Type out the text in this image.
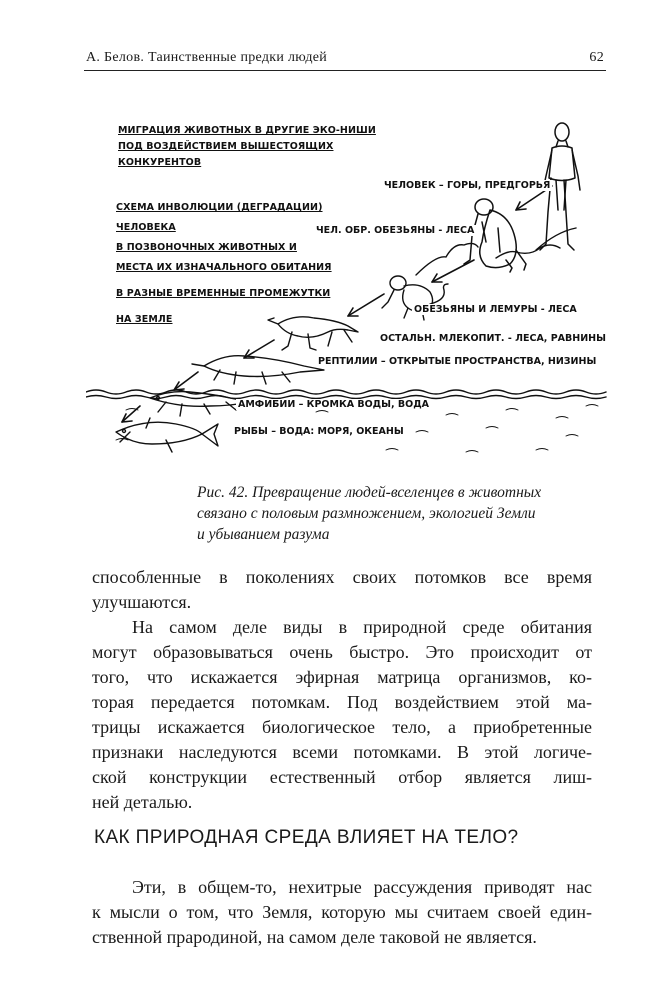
А. Белов. Таинственные предки людей	62
МИГРАЦИЯ ЖИВОТНЫХ В ДРУГИЕ ЭКО-НИШИ
ПОД ВОЗДЕЙСТВИЕМ ВЫШЕСТОЯЩИХ
КОНКУРЕНТОВ
СХЕМА ИНВОЛЮЦИИ (ДЕГРАДАЦИИ)
ЧЕЛОВЕКА
В ПОЗВОНОЧНЫХ ЖИВОТНЫХ И
МЕСТА ИХ ИЗНАЧАЛЬНОГО ОБИТАНИЯ
В РАЗНЫЕ ВРЕМЕННЫЕ ПРОМЕЖУТКИ
НА ЗЕМЛЕ
ЧЕЛОВЕК – ГОРЫ, ПРЕДГОРЬЯ
ЧЕЛ. ОБР. ОБЕЗЬЯНЫ - ЛЕСА
ОБЕЗЬЯНЫ И ЛЕМУРЫ - ЛЕСА
ОСТАЛЬН. МЛЕКОПИТ. - ЛЕСА, РАВНИНЫ
РЕПТИЛИИ – ОТКРЫТЫЕ ПРОСТРАНСТВА, НИЗИНЫ
АМФИБИИ – КРОМКА ВОДЫ, ВОДА
РЫБЫ – ВОДА: МОРЯ, ОКЕАНЫ
Рис. 42. Превращение людей-вселенцев в животных
связано с половым размножением, экологией Земли
и убыванием разума
способленные в поколениях своих потомков все время
улучшаются.
На самом деле виды в природной среде обитания
могут образовываться очень быстро. Это происходит от
того, что искажается эфирная матрица организмов, ко-
торая передается потомкам. Под воздействием этой ма-
трицы искажается биологическое тело, а приобретенные
признаки наследуются всеми потомками. В этой логиче-
ской конструкции естественный отбор является лиш-
ней деталью.
КАК ПРИРОДНАЯ СРЕДА ВЛИЯЕТ НА ТЕЛО?
Эти, в общем-то, нехитрые рассуждения приводят нас
к мысли о том, что Земля, которую мы считаем своей един-
ственной прародиной, на самом деле таковой не является.
